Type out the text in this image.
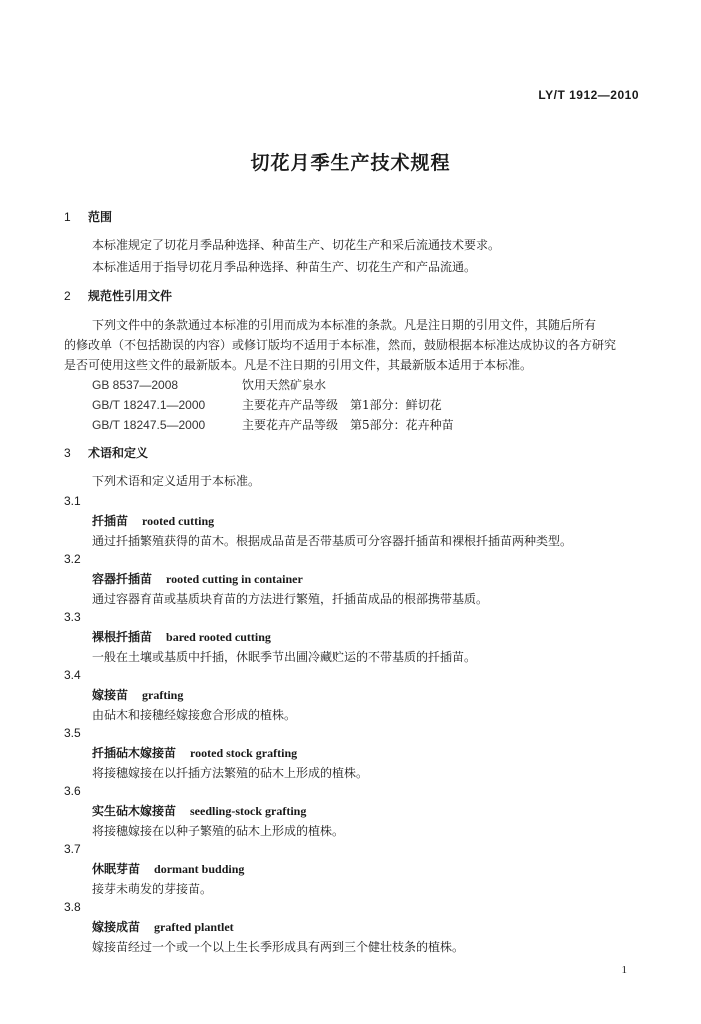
LY/T 1912—2010
切花月季生产技术规程
1 范围
本标准规定了切花月季品种选择、种苗生产、切花生产和采后流通技术要求。
本标准适用于指导切花月季品种选择、种苗生产、切花生产和产品流通。
2 规范性引用文件
下列文件中的条款通过本标准的引用而成为本标准的条款。凡是注日期的引用文件，其随后所有
的修改单（不包括勘误的内容）或修订版均不适用于本标准，然而，鼓励根据本标准达成协议的各方研究
是否可使用这些文件的最新版本。凡是不注日期的引用文件，其最新版本适用于本标准。
GB 8537—2008	饮用天然矿泉水
GB/T 18247.1—2000	主要花卉产品等级　第1部分：鲜切花
GB/T 18247.5—2000	主要花卉产品等级　第5部分：花卉种苗
3 术语和定义
下列术语和定义适用于本标准。
3.1
扦插苗 rooted cutting
通过扦插繁殖获得的苗木。根据成品苗是否带基质可分容器扦插苗和裸根扦插苗两种类型。
3.2
容器扦插苗 rooted cutting in container
通过容器育苗或基质块育苗的方法进行繁殖，扦插苗成品的根部携带基质。
3.3
裸根扦插苗 bared rooted cutting
一般在土壤或基质中扦插，休眠季节出圃冷藏贮运的不带基质的扦插苗。
3.4
嫁接苗 grafting
由砧木和接穗经嫁接愈合形成的植株。
3.5
扦插砧木嫁接苗 rooted stock grafting
将接穗嫁接在以扦插方法繁殖的砧木上形成的植株。
3.6
实生砧木嫁接苗 seedling-stock grafting
将接穗嫁接在以种子繁殖的砧木上形成的植株。
3.7
休眠芽苗 dormant budding
接芽未萌发的芽接苗。
3.8
嫁接成苗 grafted plantlet
嫁接苗经过一个或一个以上生长季形成具有两到三个健壮枝条的植株。
1
